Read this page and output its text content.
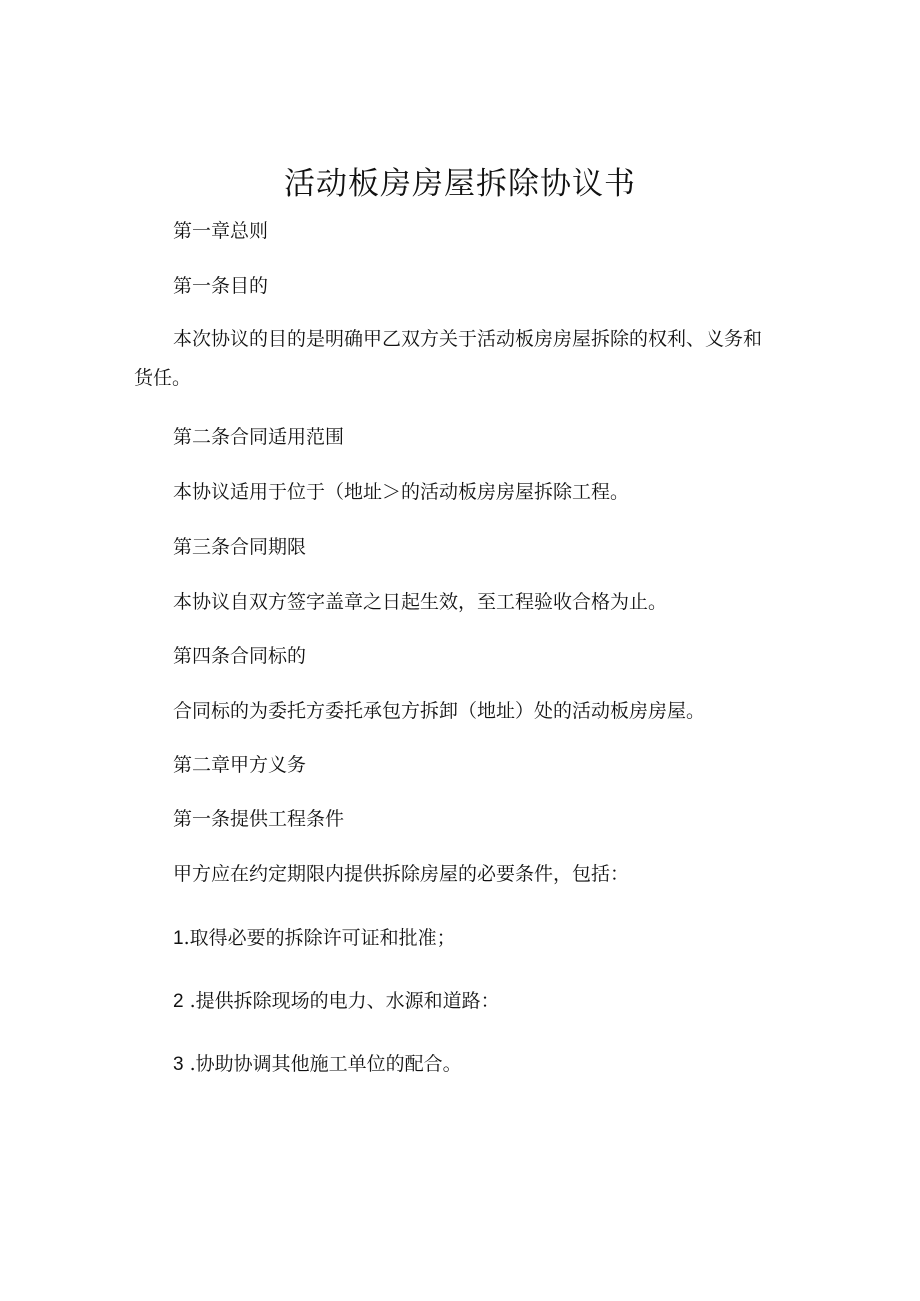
活动板房房屋拆除协议书

第一章总则

第一条目的

本次协议的目的是明确甲乙双方关于活动板房房屋拆除的权利、义务和货任。

第二条合同适用范围

本协议适用于位于（地址＞的活动板房房屋拆除工程。

第三条合同期限

本协议自双方签字盖章之日起生效，至工程验收合格为止。

第四条合同标的

合同标的为委托方委托承包方拆卸（地址）处的活动板房房屋。

第二章甲方义务

第一条提供工程条件

甲方应在约定期限内提供拆除房屋的必要条件，包括：

1.取得必要的拆除许可证和批准；

2 .提供拆除现场的电力、水源和道路：

3 .协助协调其他施工单位的配合。
